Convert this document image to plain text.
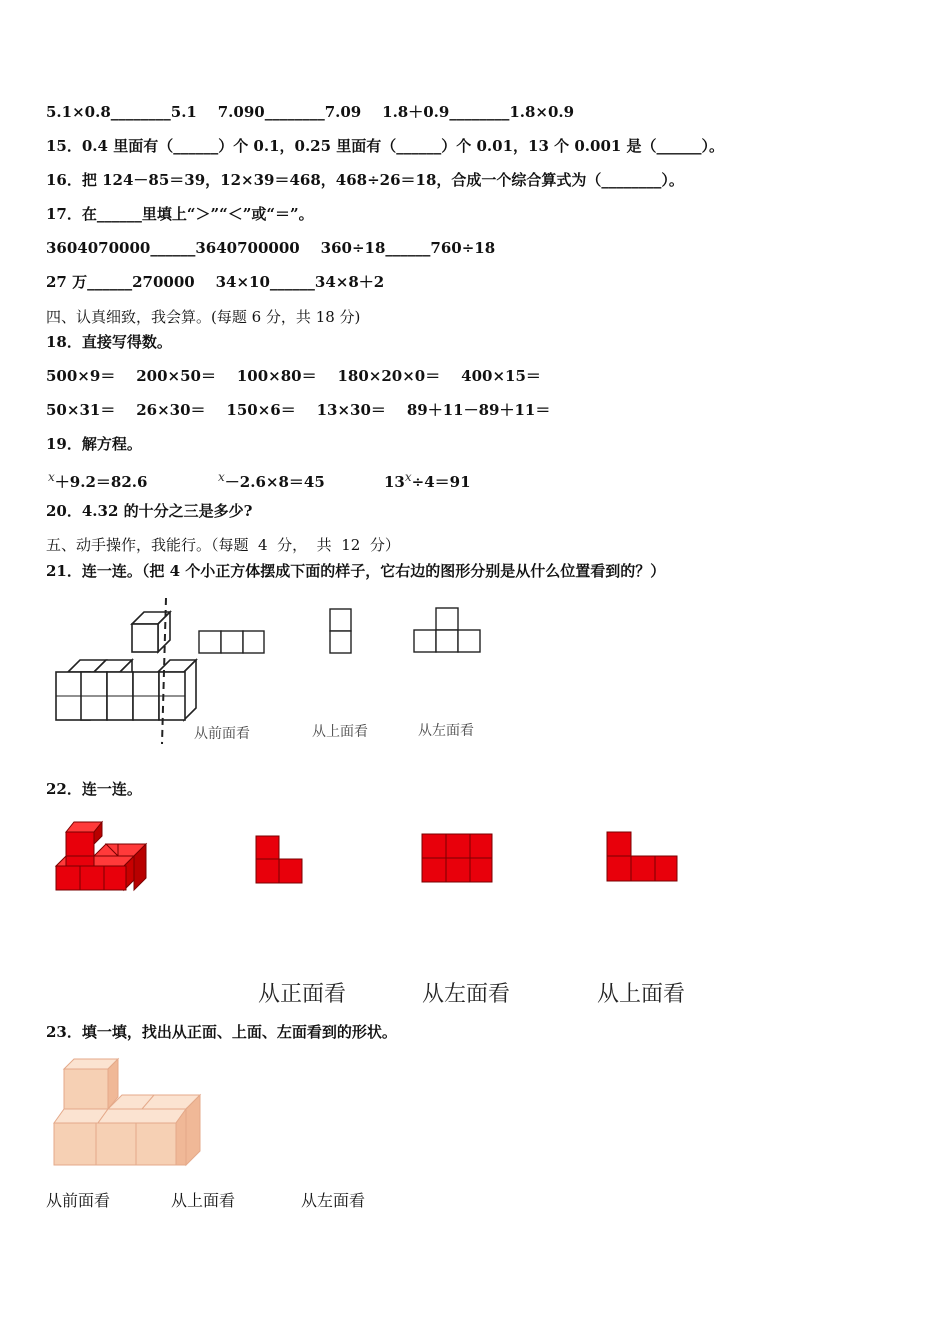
5.1×0.8________5.1    7.090________7.09    1.8＋0.9________1.8×0.9
15．0.4 里面有（______）个 0.1，0.25 里面有（______）个 0.01，13 个 0.001 是（______）。
16．把 124－85＝39，12×39＝468，468÷26＝18，合成一个综合算式为（________）。
17．在______里填上“＞”“＜”或“＝”。
3604070000______3640700000    360÷18______760÷18
27 万______270000    34×10______34×8＋2
四、认真细致，我会算。(每题 6 分，共 18 分)
18．直接写得数。
500×9＝    200×50＝    100×80＝    180×20×0＝    400×15＝
50×31＝    26×30＝    150×6＝    13×30＝    89＋11－89＋11＝
19．解方程。
$^x$＋9.2＝82.6	$^x$－2.6×8＝45	$13^x\div 4=91$
20．4.32 的十分之三是多少?
五、动手操作，我能行。（每题  4  分，  共  12  分）
21．连一连。（把 4 个小正方体摆成下面的样子，它右边的图形分别是从什么位置看到的？）
从前面看	从上面看	从左面看
22．连一连。
从正面看	从左面看	从上面看
23．填一填，找出从正面、上面、左面看到的形状。
从前面看	从上面看	从左面看
